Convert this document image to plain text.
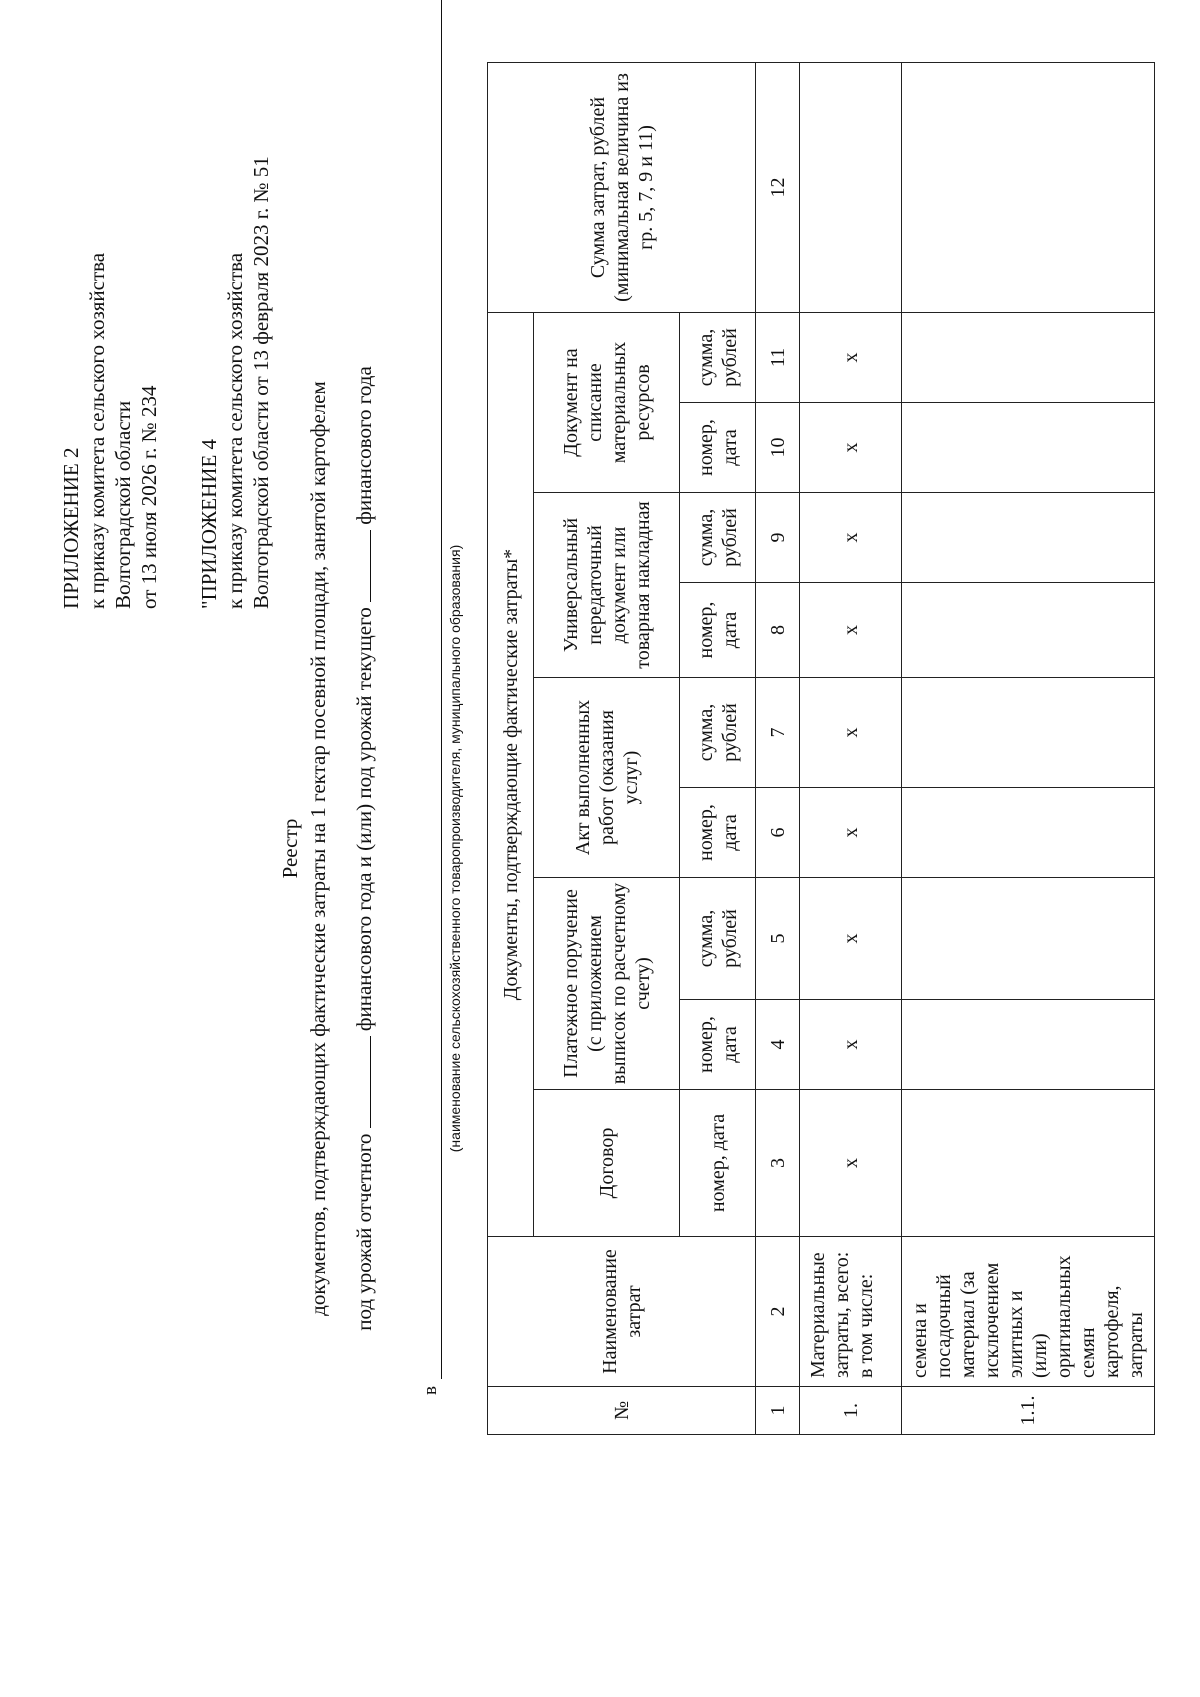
ПРИЛОЖЕНИЕ 2 к приказу комитета сельского хозяйства Волгоградской области от 13 июля 2026 г. № 234 "ПРИЛОЖЕНИЕ 4 к приказу комитета сельского хозяйства Волгоградской области от 13 февраля 2023 г. № 51
Реестр документов, подтверждающих фактические затраты на 1 гектар посевной площади, занятой картофелем под урожай отчетного  финансового года и (или) под урожай текущего  финансового года
в
(наименование сельскохозяйственного товаропроизводителя, муниципального образования)
№	Наименование затрат	Документы, подтверждающие фактические затраты*									Сумма затрат, рублей (минимальная величина из гр. 5, 7, 9 и 11)
		Договор	Платежное поручение (с приложением выписок по расчетному счету)		Акт выполненных работ (оказания услуг)		Универсальный передаточный документ или товарная накладная		Документ на списание материальных ресурсов		
		номер, дата	номер, дата	сумма, рублей	номер, дата	сумма, рублей	номер, дата	сумма, рублей	номер, дата	сумма, рублей	
1	2	3	4	5	6	7	8	9	10	11	12
1.	Материальные затраты, всего: в том числе:	х	х	х	х	х	х	х	х	х	
1.1.	семена и посадочный материал (за исключением элитных и (или) оригинальных семян картофеля, затраты										
